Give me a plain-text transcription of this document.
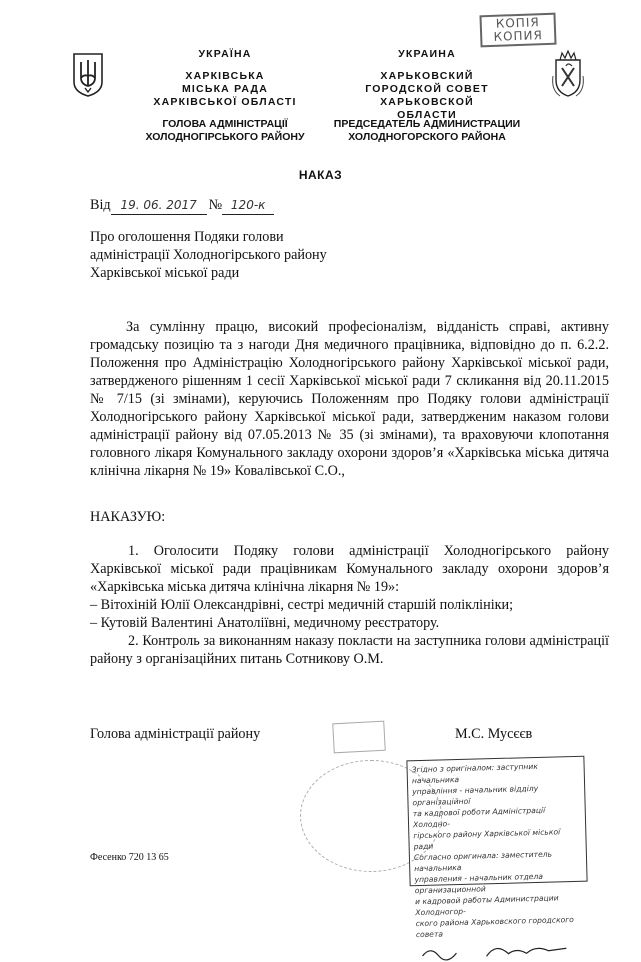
КОПІЯ
КОПИЯ
УКРАЇНА
ХАРКІВСЬКА
МІСЬКА РАДА
ХАРКІВСЬКОЇ ОБЛАСТІ
ГОЛОВА АДМІНІСТРАЦІЇ
ХОЛОДНОГІРСЬКОГО РАЙОНУ
УКРАИНА
ХАРЬКОВСКИЙ
ГОРОДСКОЙ СОВЕТ
ХАРЬКОВСКОЙ ОБЛАСТИ
ПРЕДСЕДАТЕЛЬ АДМИНИСТРАЦИИ
ХОЛОДНОГОРСКОГО РАЙОНА
НАКАЗ
Від 19. 06. 2017 № 120-к
Про оголошення Подяки голови
адміністрації Холодногірського району
Харківської міської ради
За сумлінну працю, високий професіоналізм, відданість справі, активну громадську позицію та з нагоди Дня медичного працівника, відповідно до п. 6.2.2. Положення про Адміністрацію Холодногірського району Харківської міської ради, затвердженого рішенням 1 сесії Харківської міської ради 7 скликання від 20.11.2015 № 7/15 (зі змінами), керуючись Положенням про Подяку голови адміністрації Холодногірського району Харківської міської ради, затвердженим наказом голови адміністрації району від 07.05.2013 № 35 (зі змінами), та враховуючи клопотання головного лікаря Комунального закладу охорони здоров’я «Харківська міська дитяча клінічна лікарня № 19» Ковалівської С.О.,
НАКАЗУЮ:
1. Оголосити Подяку голови адміністрації Холодногірського району Харківської міської ради працівникам Комунального закладу охорони здоров’я «Харківська міська дитяча клінічна лікарня № 19»:
– Вітохіній Юлії Олександрівні, сестрі медичній старшій поліклініки;
– Кутовій Валентині Анатоліївні, медичному реєстратору.
2. Контроль за виконанням наказу покласти на заступника голови адміністрації району з організаційних питань Сотникову О.М.
Голова адміністрації району	М.С. Мусєєв
Згідно з оригіналом: заступник начальника
управління - начальник відділу організаційної
та кадрової роботи Адміністрації Холодно-
гірського району Харківської міської ради
Согласно оригинала: заместитель начальника
управления - начальник отдела организационной
и кадровой работы Администрации Холодногор-
ского района Харьковского городского совета
Фесенко 720 13 65
